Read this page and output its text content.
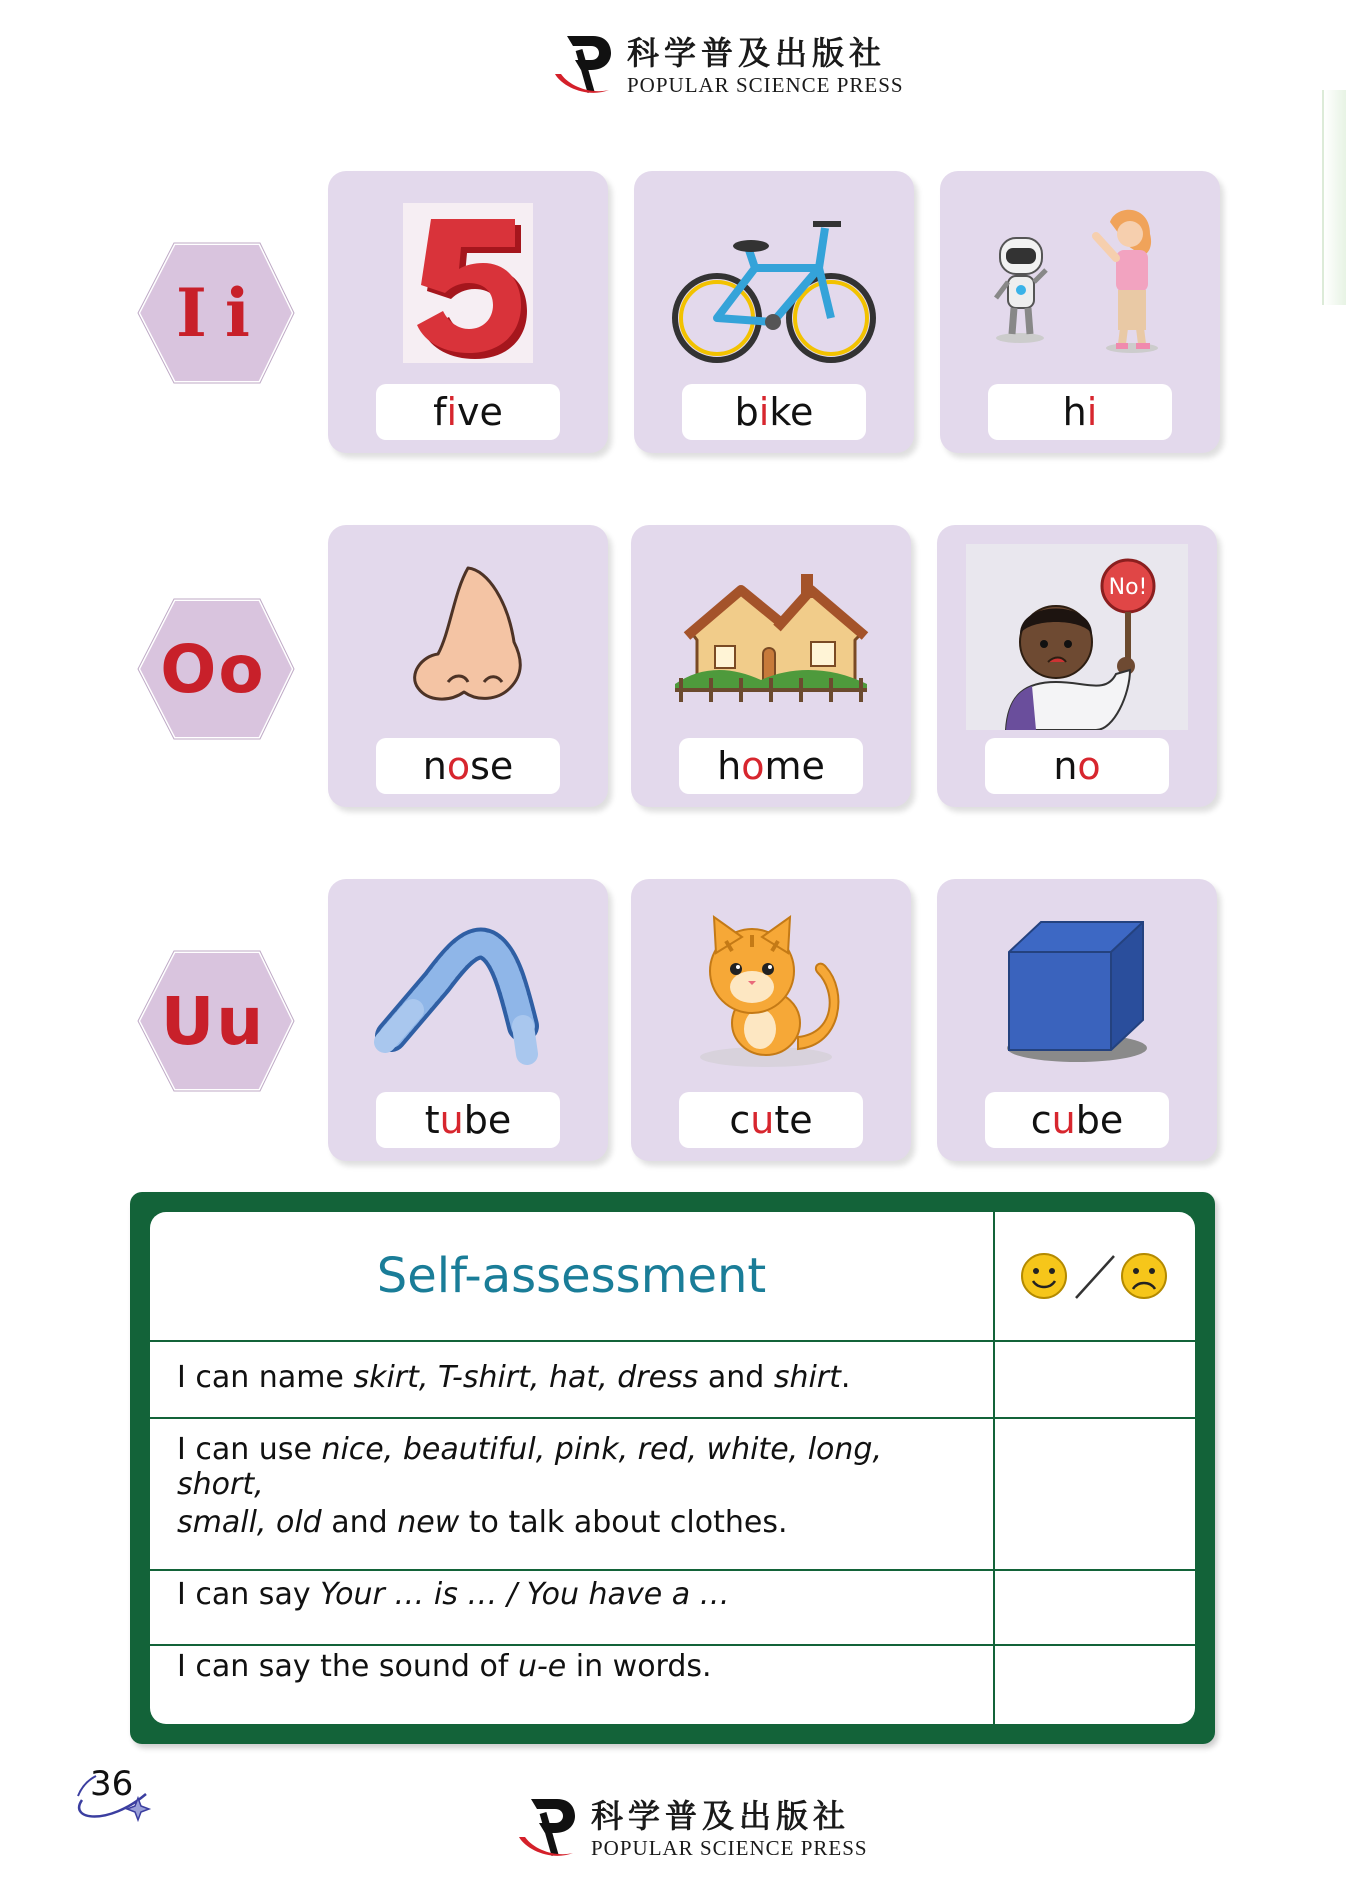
科学普及出版社
POPULAR SCIENCE PRESS
Ii
Oo
Uu
f i ve	b i ke	h i
n o se	h o me
No!
n o
t u be	c u te	c u be
Self-assessment
I can name skirt, T-shirt, hat, dress and shirt.
I can use nice, beautiful, pink, red, white, long, short,
small, old and new to talk about clothes.
I can say Your … is … / You have a …
I can say the sound of u-e in words.
36
科学普及出版社
POPULAR SCIENCE PRESS
